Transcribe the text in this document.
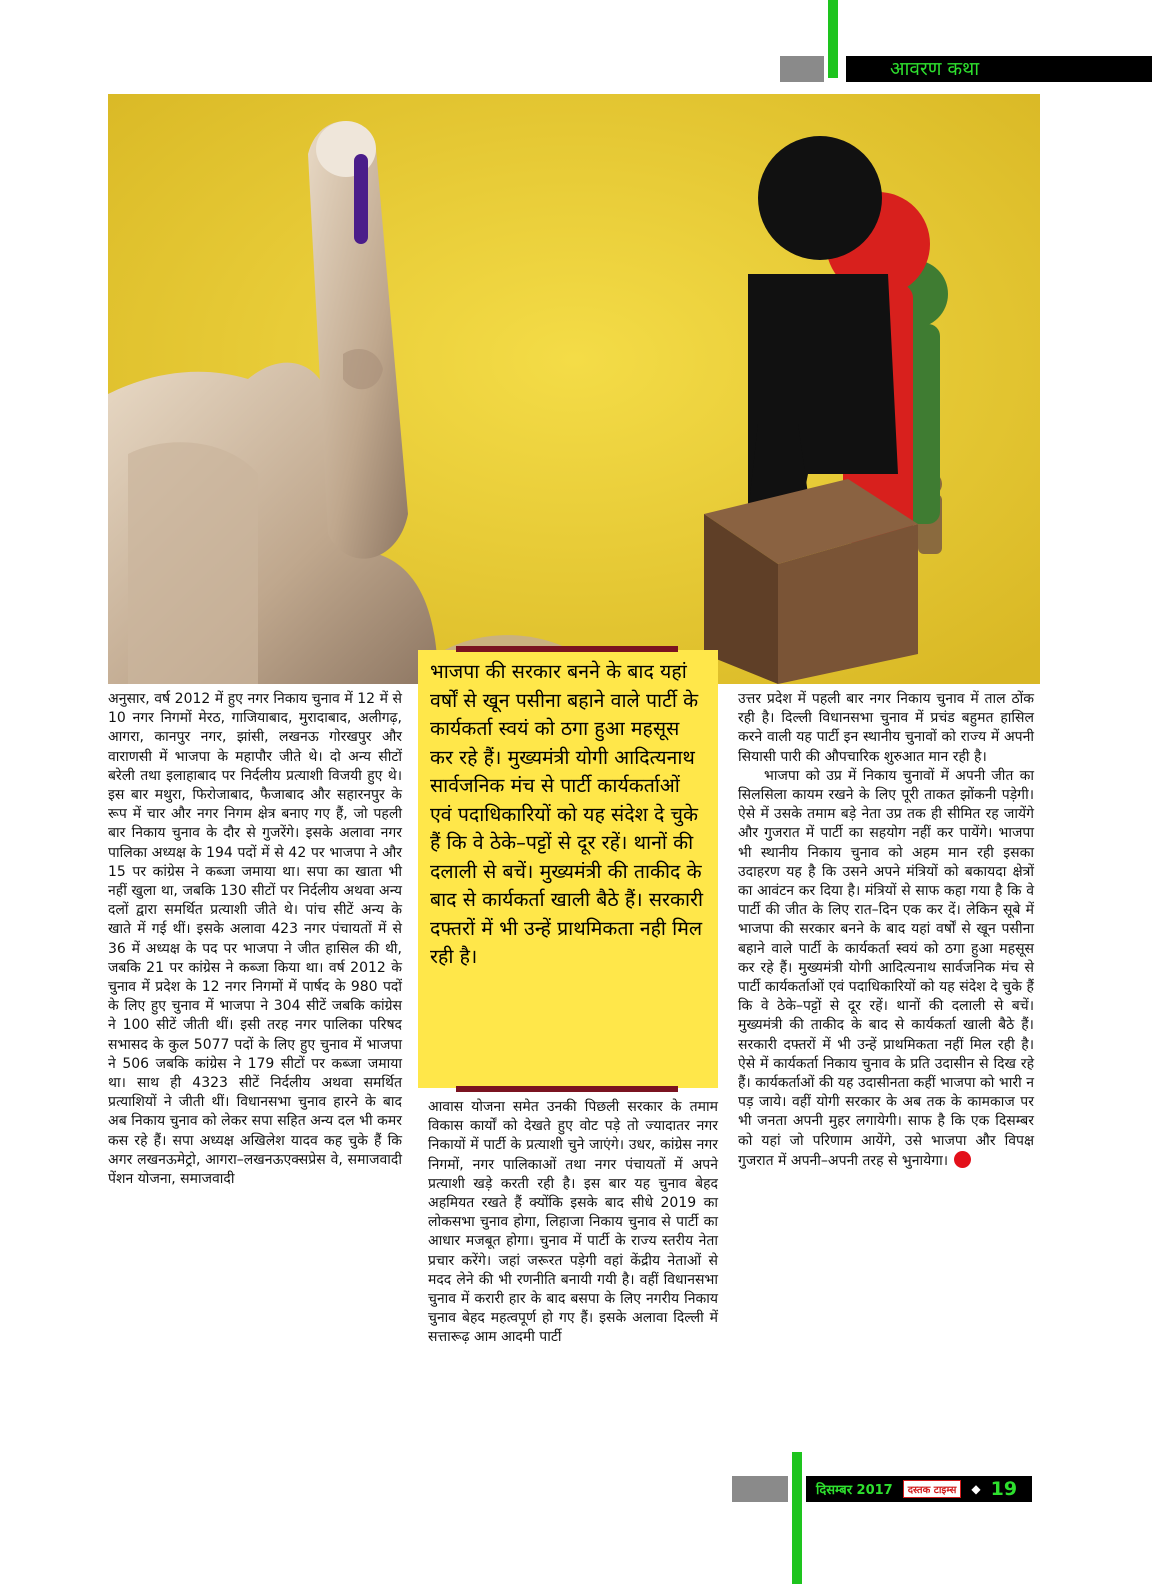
आवरण कथा

भाजपा की सरकार बनने के बाद यहां वर्षों से खून पसीना बहाने वाले पार्टी के कार्यकर्ता स्वयं को ठगा हुआ महसूस कर रहे हैं। मुख्यमंत्री योगी आदित्यनाथ सार्वजनिक मंच से पार्टी कार्यकर्ताओं एवं पदाधिकारियों को यह संदेश दे चुके हैं कि वे ठेके–पट्टों से दूर रहें। थानों की दलाली से बचें। मुख्यमंत्री की ताकीद के बाद से कार्यकर्ता खाली बैठे हैं। सरकारी दफ्तरों में भी उन्हें प्राथमिकता नही मिल रही है।

अनुसार, वर्ष 2012 में हुए नगर निकाय चुनाव में 12 में से 10 नगर निगमों मेरठ, गाजियाबाद, मुरादाबाद, अलीगढ़, आगरा, कानपुर नगर, झांसी, लखनऊ गोरखपुर और वाराणसी में भाजपा के महापौर जीते थे। दो अन्य सीटों बरेली तथा इलाहाबाद पर निर्दलीय प्रत्याशी विजयी हुए थे। इस बार मथुरा, फिरोजाबाद, फैजाबाद और सहारनपुर के रूप में चार और नगर निगम क्षेत्र बनाए गए हैं, जो पहली बार निकाय चुनाव के दौर से गुजरेंगे। इसके अलावा नगर पालिका अध्यक्ष के 194 पदों में से 42 पर भाजपा ने और 15 पर कांग्रेस ने कब्जा जमाया था। सपा का खाता भी नहीं खुला था, जबकि 130 सीटों पर निर्दलीय अथवा अन्य दलों द्वारा समर्थित प्रत्याशी जीते थे। पांच सीटें अन्य के खाते में गई थीं। इसके अलावा 423 नगर पंचायतों में से 36 में अध्यक्ष के पद पर भाजपा ने जीत हासिल की थी, जबकि 21 पर कांग्रेस ने कब्जा किया था। वर्ष 2012 के चुनाव में प्रदेश के 12 नगर निगमों में पार्षद के 980 पदों के लिए हुए चुनाव में भाजपा ने 304 सीटें जबकि कांग्रेस ने 100 सीटें जीती थीं। इसी तरह नगर पालिका परिषद सभासद के कुल 5077 पदों के लिए हुए चुनाव में भाजपा ने 506 जबकि कांग्रेस ने 179 सीटों पर कब्जा जमाया था। साथ ही 4323 सीटें निर्दलीय अथवा समर्थित प्रत्याशियों ने जीती थीं। विधानसभा चुनाव हारने के बाद अब निकाय चुनाव को लेकर सपा सहित अन्य दल भी कमर कस रहे हैं। सपा अध्यक्ष अखिलेश यादव कह चुके हैं कि अगर लखनऊमेट्रो, आगरा–लखनऊएक्सप्रेस वे, समाजवादी पेंशन योजना, समाजवादी

आवास योजना समेत उनकी पिछली सरकार के तमाम विकास कार्यों को देखते हुए वोट पड़े तो ज्यादातर नगर निकायों में पार्टी के प्रत्याशी चुने जाएंगे। उधर, कांग्रेस नगर निगमों, नगर पालिकाओं तथा नगर पंचायतों में अपने प्रत्याशी खड़े करती रही है। इस बार यह चुनाव बेहद अहमियत रखते हैं क्योंकि इसके बाद सीधे 2019 का लोकसभा चुनाव होगा, लिहाजा निकाय चुनाव से पार्टी का आधार मजबूत होगा। चुनाव में पार्टी के राज्य स्तरीय नेता प्रचार करेंगे। जहां जरूरत पड़ेगी वहां केंद्रीय नेताओं से मदद लेने की भी रणनीति बनायी गयी है। वहीं विधानसभा चुनाव में करारी हार के बाद बसपा के लिए नगरीय निकाय चुनाव बेहद महत्वपूर्ण हो गए हैं। इसके अलावा दिल्ली में सत्तारूढ़ आम आदमी पार्टी

उत्तर प्रदेश में पहली बार नगर निकाय चुनाव में ताल ठोंक रही है। दिल्ली विधानसभा चुनाव में प्रचंड बहुमत हासिल करने वाली यह पार्टी इन स्थानीय चुनावों को राज्य में अपनी सियासी पारी की औपचारिक शुरुआत मान रही है।

भाजपा को उप्र में निकाय चुनावों में अपनी जीत का सिलसिला कायम रखने के लिए पूरी ताकत झोंकनी पड़ेगी। ऐसे में उसके तमाम बड़े नेता उप्र तक ही सीमित रह जायेंगे और गुजरात में पार्टी का सहयोग नहीं कर पायेंगे। भाजपा भी स्थानीय निकाय चुनाव को अहम मान रही इसका उदाहरण यह है कि उसने अपने मंत्रियों को बकायदा क्षेत्रों का आवंटन कर दिया है। मंत्रियों से साफ कहा गया है कि वे पार्टी की जीत के लिए रात–दिन एक कर दें। लेकिन सूबे में भाजपा की सरकार बनने के बाद यहां वर्षों से खून पसीना बहाने वाले पार्टी के कार्यकर्ता स्वयं को ठगा हुआ महसूस कर रहे हैं। मुख्यमंत्री योगी आदित्यनाथ सार्वजनिक मंच से पार्टी कार्यकर्ताओं एवं पदाधिकारियों को यह संदेश दे चुके हैं कि वे ठेके–पट्टों से दूर रहें। थानों की दलाली से बचें। मुख्यमंत्री की ताकीद के बाद से कार्यकर्ता खाली बैठे हैं। सरकारी दफ्तरों में भी उन्हें प्राथमिकता नहीं मिल रही है। ऐसे में कार्यकर्ता निकाय चुनाव के प्रति उदासीन से दिख रहे हैं। कार्यकर्ताओं की यह उदासीनता कहीं भाजपा को भारी न पड़ जाये। वहीं योगी सरकार के अब तक के कामकाज पर भी जनता अपनी मुहर लगायेगी। साफ है कि एक दिसम्बर को यहां जो परिणाम आयेंगे, उसे भाजपा और विपक्ष गुजरात में अपनी–अपनी तरह से भुनायेगा।

दिसम्बर 2017	दस्तक टाइम्स	◆ 19
